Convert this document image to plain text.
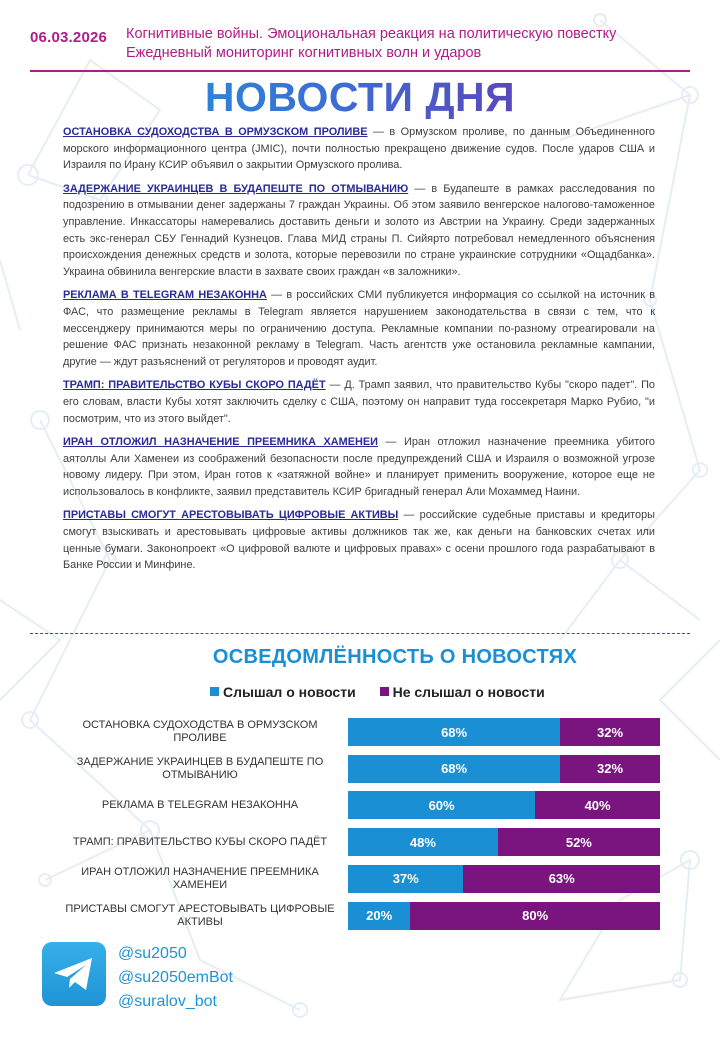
06.03.2026 Когнитивные войны. Эмоциональная реакция на политическую повестку
Ежедневный мониторинг когнитивных волн и ударов
НОВОСТИ ДНЯ

ОСТАНОВКА СУДОХОДСТВА В ОРМУЗСКОМ ПРОЛИВЕ — в Ормузском проливе, по данным Объединенного морского информационного центра (JMIC), почти полностью прекращено движение судов. После ударов США и Израиля по Ирану КСИР объявил о закрытии Ормузского пролива.

ЗАДЕРЖАНИЕ УКРАИНЦЕВ В БУДАПЕШТЕ ПО ОТМЫВАНИЮ — в Будапеште в рамках расследования по подозрению в отмывании денег задержаны 7 граждан Украины. Об этом заявило венгерское налогово-таможенное управление. Инкассаторы намеревались доставить деньги и золото из Австрии на Украину. Среди задержанных есть экс-генерал СБУ Геннадий Кузнецов. Глава МИД страны П. Сийярто потребовал немедленного объяснения происхождения денежных средств и золота, которые перевозили по стране украинские сотрудники «Ощадбанка». Украина обвинила венгерские власти в захвате своих граждан «в заложники».

РЕКЛАМА В TELEGRAM НЕЗАКОННА — в российских СМИ публикуется информация со ссылкой на источник в ФАС, что размещение рекламы в Telegram является нарушением законодательства в связи с тем, что к мессенджеру принимаются меры по ограничению доступа. Рекламные компании по-разному отреагировали на решение ФАС признать незаконной рекламу в Telegram. Часть агентств уже остановила рекламные кампании, другие — ждут разъяснений от регуляторов и проводят аудит.

ТРАМП: ПРАВИТЕЛЬСТВО КУБЫ СКОРО ПАДЁТ — Д. Трамп заявил, что правительство Кубы "скоро падет". По его словам, власти Кубы хотят заключить сделку с США, поэтому он направит туда госсекретаря Марко Рубио, "и посмотрим, что из этого выйдет".

ИРАН ОТЛОЖИЛ НАЗНАЧЕНИЕ ПРЕЕМНИКА ХАМЕНЕИ — Иран отложил назначение преемника убитого аятоллы Али Хаменеи из соображений безопасности после предупреждений США и Израиля о возможной угрозе новому лидеру. При этом, Иран готов к «затяжной войне» и планирует применить вооружение, которое еще не использовалось в конфликте, заявил представитель КСИР бригадный генерал Али Мохаммед Наини.

ПРИСТАВЫ СМОГУТ АРЕСТОВЫВАТЬ ЦИФРОВЫЕ АКТИВЫ — российские судебные приставы и кредиторы смогут взыскивать и арестовывать цифровые активы должников так же, как деньги на банковских счетах или ценные бумаги. Законопроект «О цифровой валюте и цифровых правах» с осени прошлого года разрабатывают в Банке России и Минфине.

ОСВЕДОМЛЁННОСТЬ О НОВОСТЯХ
Слышал о новости	Не слышал о новости
ОСТАНОВКА СУДОХОДСТВА В ОРМУЗСКОМ ПРОЛИВЕ	68%	32%
ЗАДЕРЖАНИЕ УКРАИНЦЕВ В БУДАПЕШТЕ ПО ОТМЫВАНИЮ	68%	32%
РЕКЛАМА В TELEGRAM НЕЗАКОННА	60%	40%
ТРАМП: ПРАВИТЕЛЬСТВО КУБЫ СКОРО ПАДЁТ	48%	52%
ИРАН ОТЛОЖИЛ НАЗНАЧЕНИЕ ПРЕЕМНИКА ХАМЕНЕИ	37%	63%
ПРИСТАВЫ СМОГУТ АРЕСТОВЫВАТЬ ЦИФРОВЫЕ АКТИВЫ	20%	80%
@su2050
@su2050emBot
@suralov_bot
